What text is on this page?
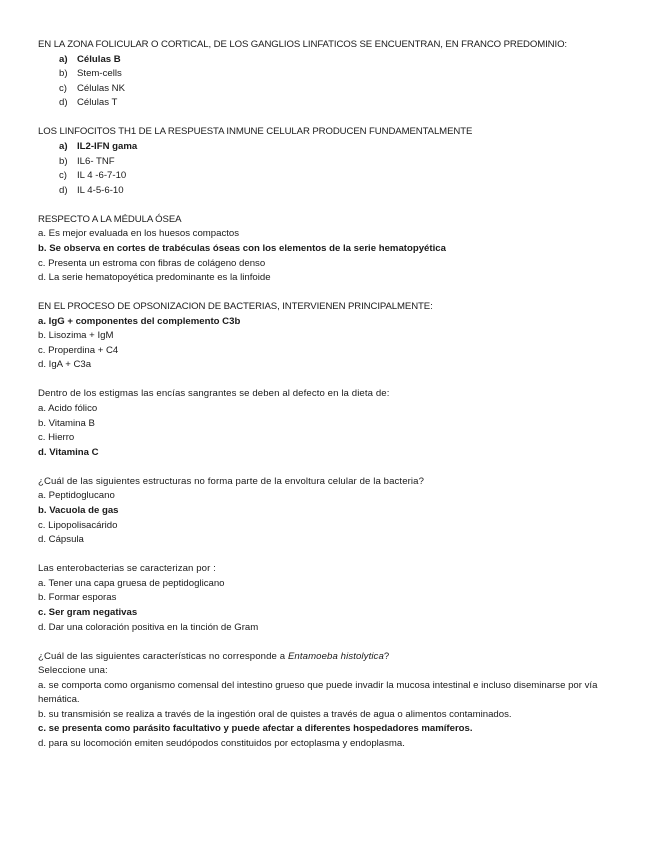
EN LA ZONA FOLICULAR O CORTICAL, DE LOS GANGLIOS LINFATICOS SE ENCUENTRAN, EN FRANCO PREDOMINIO:

a) Células B
b) Stem-cells
c)	Células NK
d) Células T

LOS LINFOCITOS TH1 DE LA RESPUESTA INMUNE CELULAR PRODUCEN FUNDAMENTALMENTE

a) IL2-IFN gama
b) IL6- TNF
c)	IL 4 -6-7-10
d) IL 4-5-6-10

RESPECTO A LA MÉDULA ÓSEA

a. Es mejor evaluada en los huesos compactos
b. Se observa en cortes de trabéculas óseas con los elementos de la serie hematopyética
c. Presenta un estroma con fibras de colágeno denso
d. La serie hematopoyética predominante es la linfoide

EN EL PROCESO DE OPSONIZACION DE BACTERIAS, INTERVIENEN PRINCIPALMENTE:

a. IgG + componentes del complemento C3b
b. Lisozima + IgM
c. Properdina + C4
d. IgA + C3a

Dentro de los estigmas las encías sangrantes se deben al defecto en la dieta de:

a. Acido fólico
b. Vitamina B
c. Hierro
d. Vitamina C

¿Cuál de las siguientes estructuras no forma parte de la envoltura celular de la bacteria?

a. Peptidoglucano
b. Vacuola de gas
c. Lipopolisacárido
d. Cápsula

Las enterobacterias se caracterizan por :

a. Tener una capa gruesa de peptidoglicano
b. Formar esporas
c. Ser gram negativas
d. Dar una coloración positiva en la tinción de Gram

¿Cuál de las siguientes características no corresponde a Entamoeba histolytica?

Seleccione una:

a. se comporta como organismo comensal del intestino grueso que puede invadir la mucosa intestinal e incluso diseminarse por vía hemática.
b. su transmisión se realiza a través de la ingestión oral de quistes a través de agua o alimentos contaminados.
c. se presenta como parásito facultativo y puede afectar a diferentes hospedadores mamíferos.
d. para su locomoción emiten seudópodos constituidos por ectoplasma y endoplasma.
